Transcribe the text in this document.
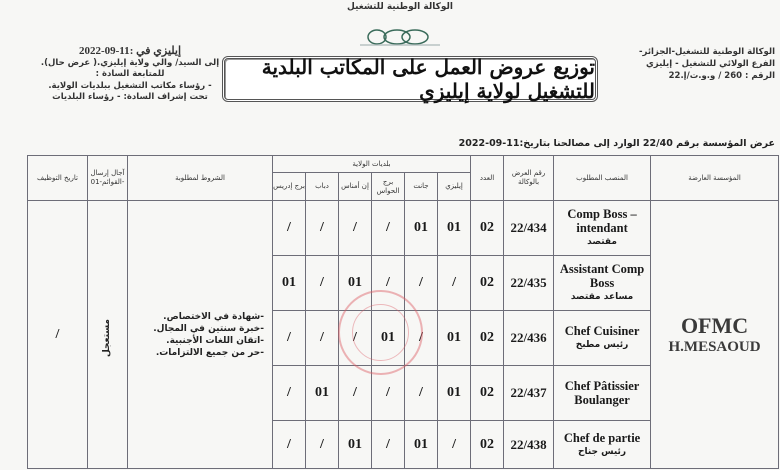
الوكالة الوطنية للتشغيل
إيليزي في :11-09-2022
إلى السيد/ والي ولاية إيليزي.( عرض حال).
للمتابعة السادة :
- رؤساء مكاتب التشغيل ببلديات الولاية.
تحت إشراف السادة: - رؤساء البلديات
الوكالة الوطنية للتشغيل-الجزائر-
الفرع الولائي للتشغيل - إيليزي
الرقم : 260 / و.و.ت/إ.22
توزيع عروض العمل على المكاتب البلدية للتشغيل لولاية إيليزي
عرض المؤسسة برقم 22/40 الوارد إلى مصالحنا بتاريخ:11-09-2022
تاريخ التوظيف	آجال إرسال القوائم-01-	الشروط لمطلوبة	بلديات الولاية						العدد	رقم العرض بالوكالة	المنصب المطلوب	المؤسسة العارضة
			برج إدريس	دباب	إن أمناس	برج الحواس	جانت	إيليزي				
/	مستعجل	
-شهادة في الاختصاص.
-خبرة سنتين في المجال.
-اتقان اللغات الأجنبية.
-حر من جميع الالتزامات.
	/	/	/	/	01	01	02	22/434	Comp Boss – intendant
مقتصد

OFMC
H.MESAOUD

			01	/	01	/	/	/	02	22/435	Assistant Comp Boss
مساعد مقتصد	

			/	/	/	01	/	01	02	22/436	Chef Cuisiner
رئيس مطبخ	

			/	01	/	/	/	01	02	22/437	Chef Pâtissier Boulanger	

			/	/	01	/	01	/	02	22/438	Chef de partie
رئيس جناح	
